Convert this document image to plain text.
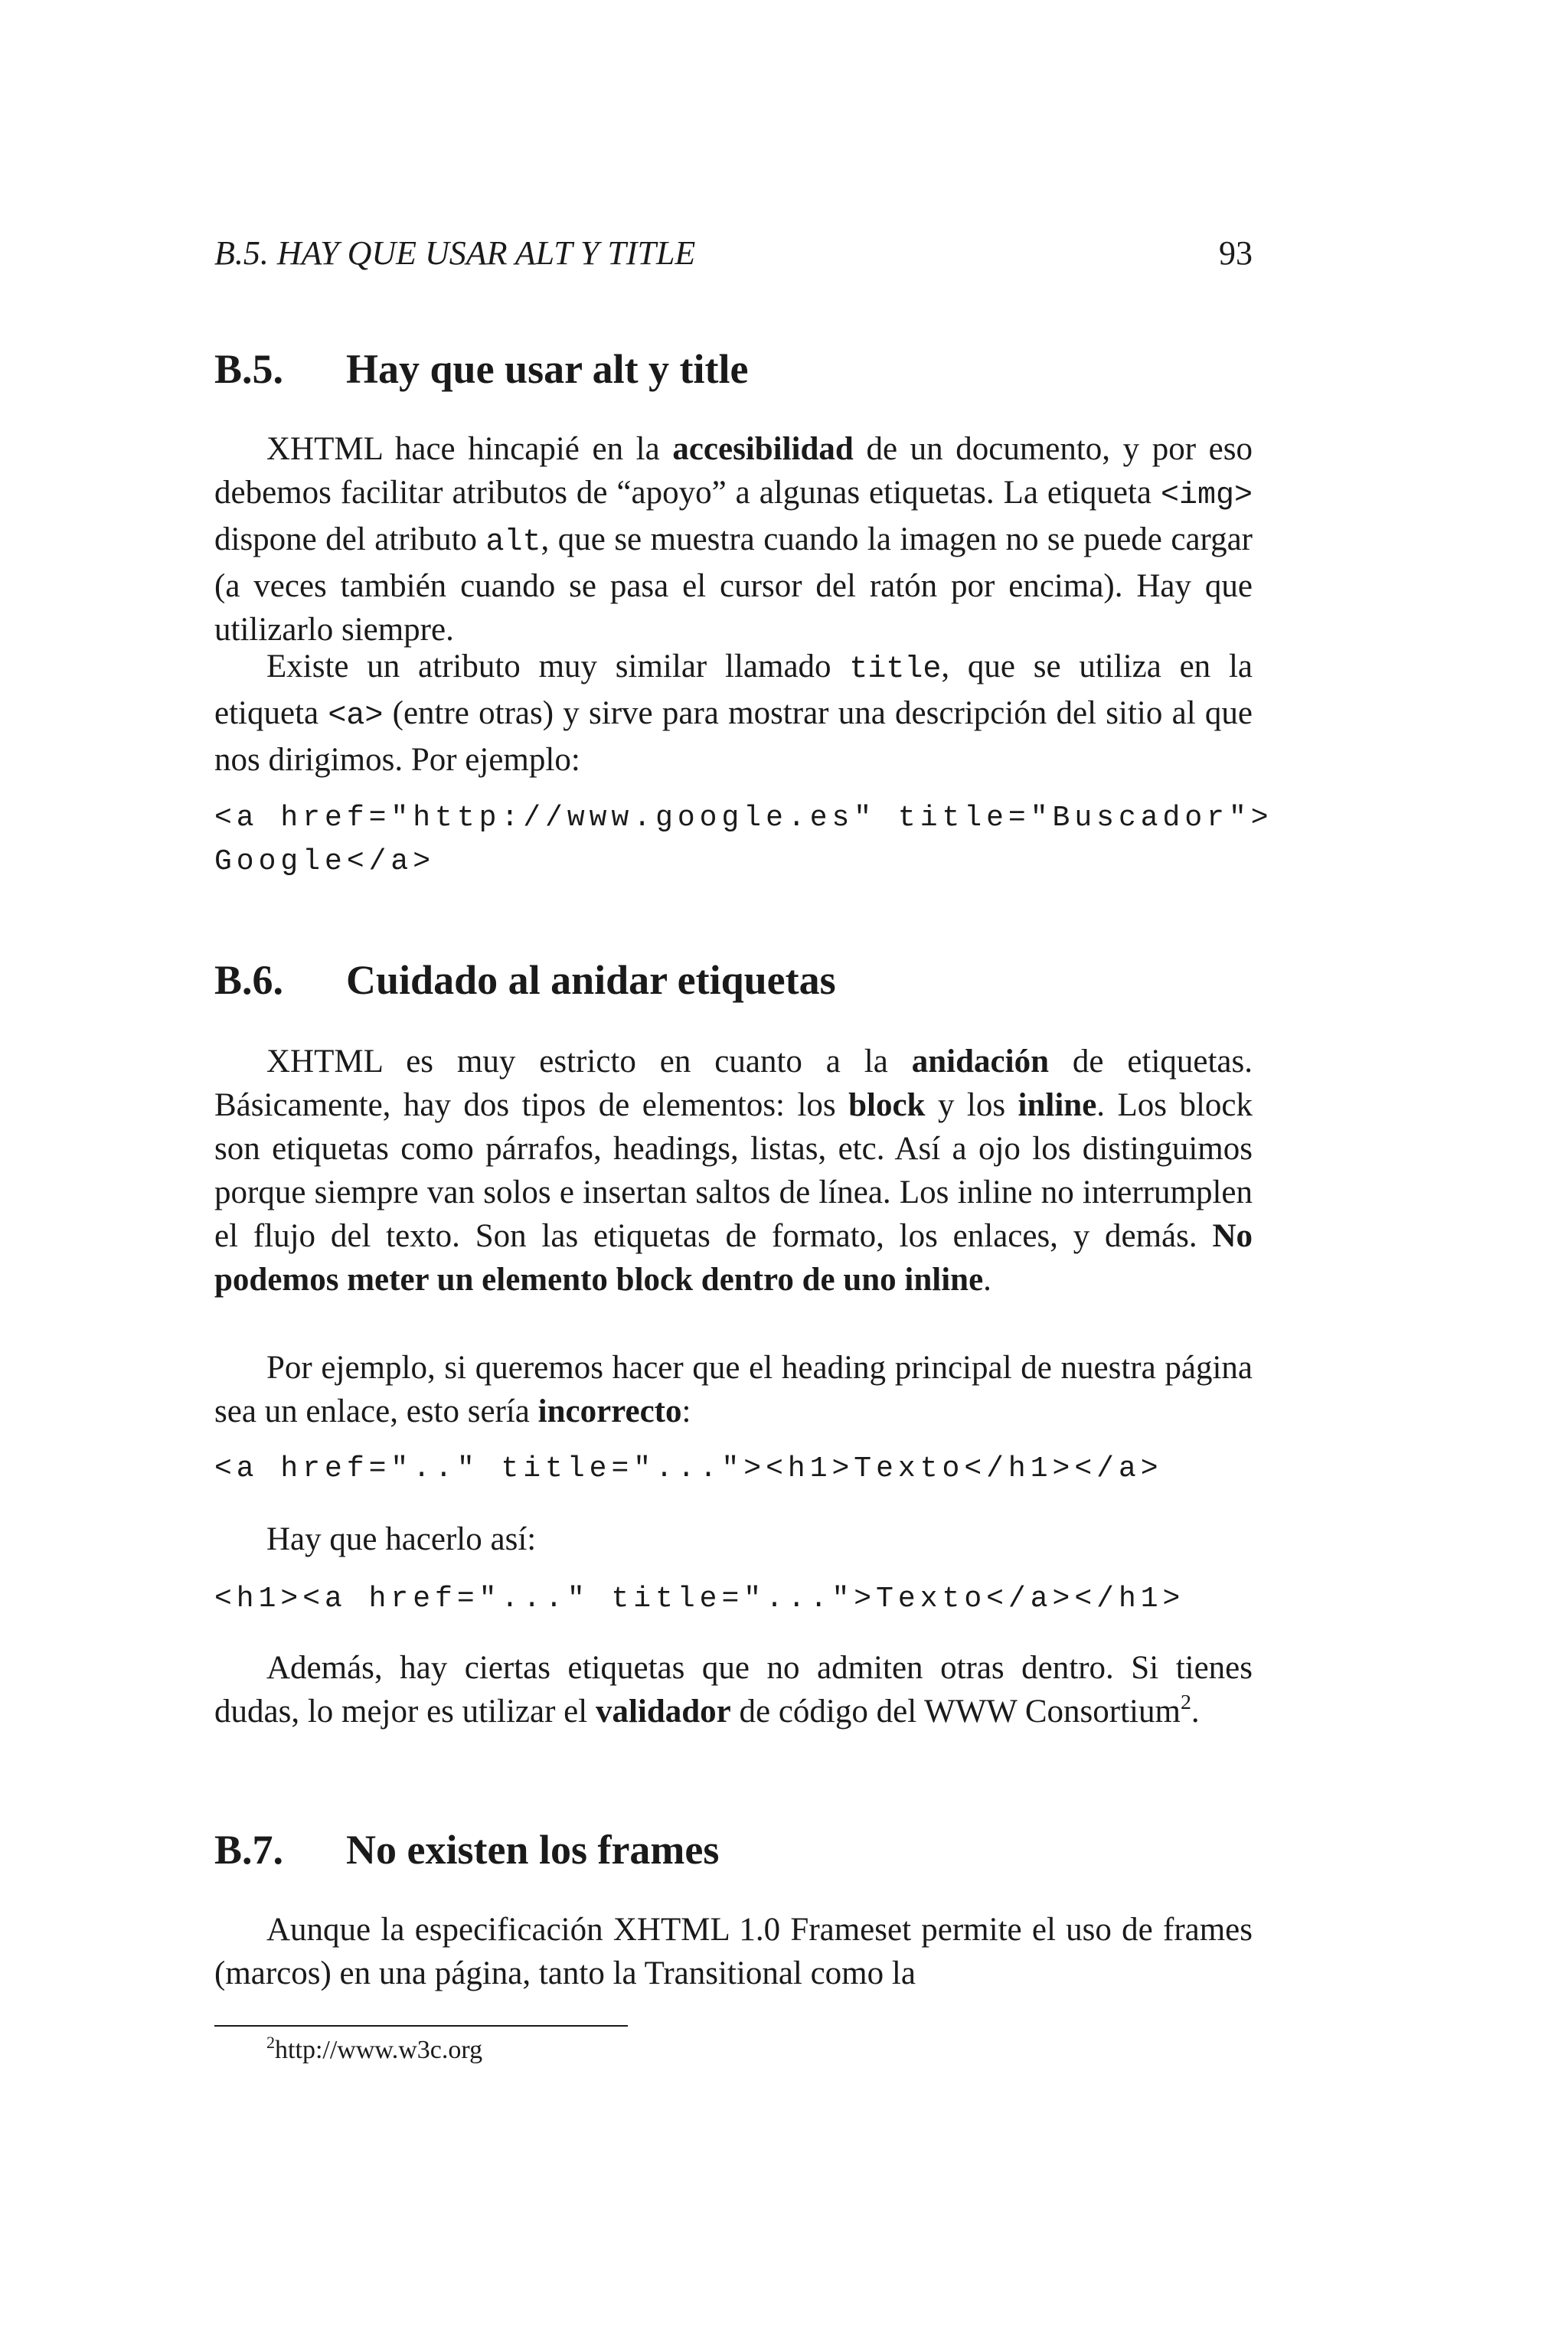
B.5. HAY QUE USAR ALT Y TITLE	93
B.5. Hay que usar alt y title

XHTML hace hincapié en la accesibilidad de un documento, y por eso debemos facilitar atributos de “apoyo” a algunas etiquetas. La etiqueta <img> dispone del atributo alt, que se muestra cuando la imagen no se puede cargar (a veces también cuando se pasa el cursor del ratón por encima). Hay que utilizarlo siempre.

Existe un atributo muy similar llamado title, que se utiliza en la etiqueta <a> (entre otras) y sirve para mostrar una descripción del sitio al que nos dirigimos. Por ejemplo:

<a href="http://www.google.es" title="Buscador">
Google</a>
B.6. Cuidado al anidar etiquetas

XHTML es muy estricto en cuanto a la anidación de etiquetas. Básicamente, hay dos tipos de elementos: los block y los inline. Los block son etiquetas como párrafos, headings, listas, etc. Así a ojo los distinguimos porque siempre van solos e insertan saltos de línea. Los inline no interrumplen el flujo del texto. Son las etiquetas de formato, los enlaces, y demás. No podemos meter un elemento block dentro de uno inline.

Por ejemplo, si queremos hacer que el heading principal de nuestra página sea un enlace, esto sería incorrecto:

<a href=".." title="..."><h1>Texto</h1></a>

Hay que hacerlo así:

<h1><a href="..." title="...">Texto</a></h1>

Además, hay ciertas etiquetas que no admiten otras dentro. Si tienes dudas, lo mejor es utilizar el validador de código del WWW Consortium$^2$.

B.7. No existen los frames

Aunque la especificación XHTML 1.0 Frameset permite el uso de frames (marcos) en una página, tanto la Transitional como la

$^2$http://www.w3c.org
